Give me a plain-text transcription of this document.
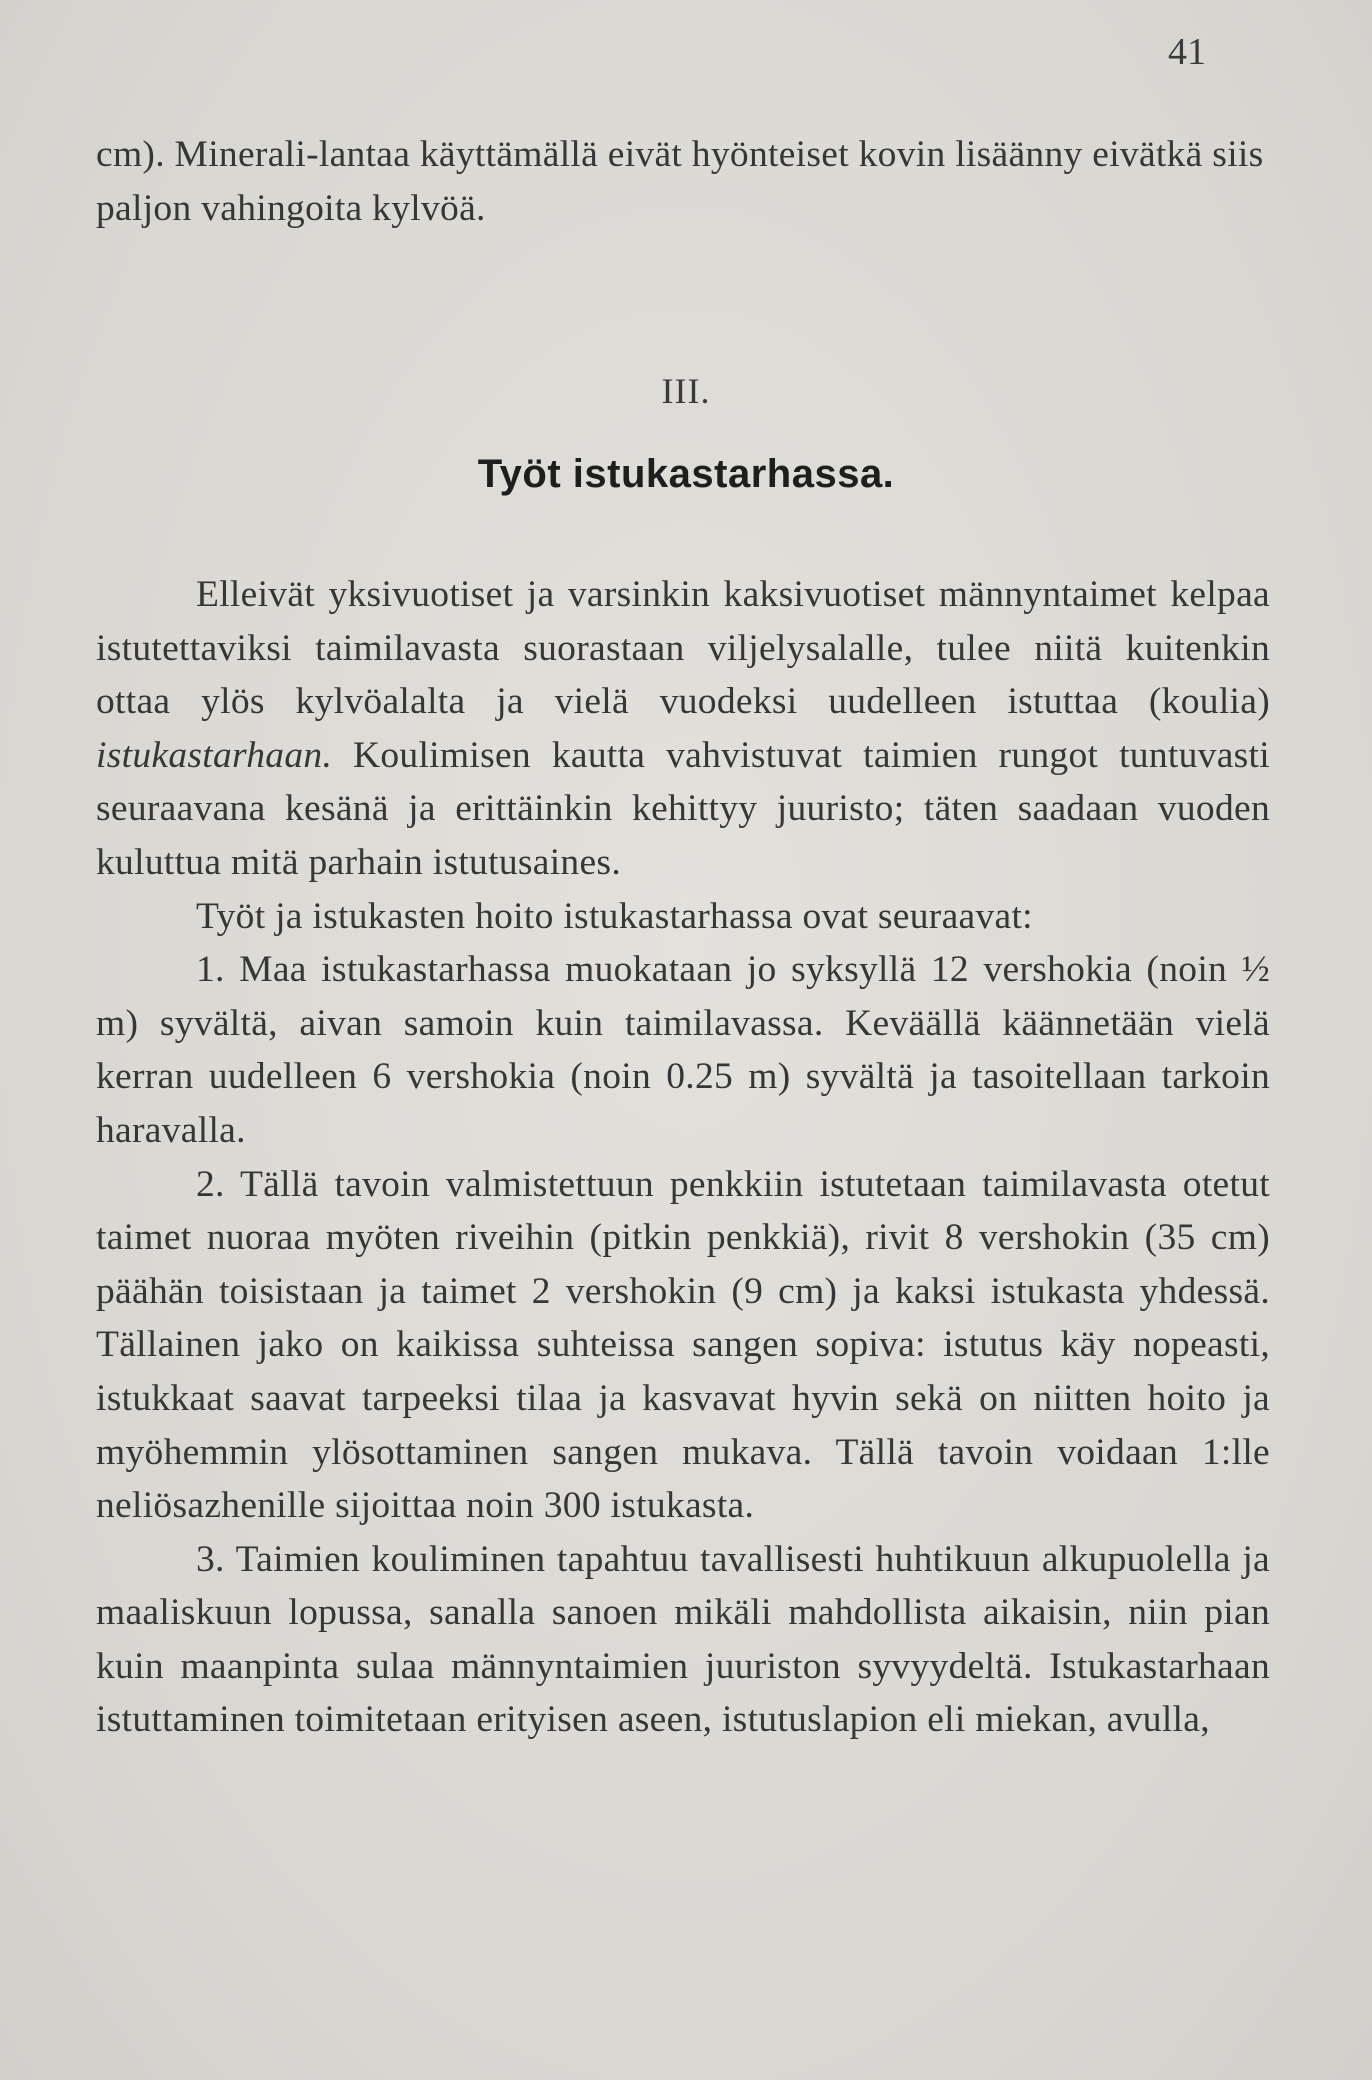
41

cm). Minerali-lantaa käyttämällä eivät hyönteiset kovin lisäänny eivätkä siis paljon vahingoita kylvöä.

III.
Työt istukastarhassa.

Elleivät yksivuotiset ja varsinkin kaksivuotiset männyntaimet kelpaa istutettaviksi taimilavasta suorastaan viljelysalalle, tulee niitä kuitenkin ottaa ylös kylvöalalta ja vielä vuodeksi uudelleen istuttaa (koulia) istukastarhaan. Koulimisen kautta vahvistuvat taimien rungot tuntuvasti seuraavana kesänä ja erittäinkin kehittyy juuristo; täten saadaan vuoden kuluttua mitä parhain istutusaines.

Työt ja istukasten hoito istukastarhassa ovat seuraavat:

1. Maa istukastarhassa muokataan jo syksyllä 12 vershokia (noin ½ m) syvältä, aivan samoin kuin taimilavassa. Keväällä käännetään vielä kerran uudelleen 6 vershokia (noin 0.25 m) syvältä ja tasoitellaan tarkoin haravalla.

2. Tällä tavoin valmistettuun penkkiin istutetaan taimilavasta otetut taimet nuoraa myöten riveihin (pitkin penkkiä), rivit 8 vershokin (35 cm) päähän toisistaan ja taimet 2 vershokin (9 cm) ja kaksi istukasta yhdessä. Tällainen jako on kaikissa suhteissa sangen sopiva: istutus käy nopeasti, istukkaat saavat tarpeeksi tilaa ja kasvavat hyvin sekä on niitten hoito ja myöhemmin ylösottaminen sangen mukava. Tällä tavoin voidaan 1:lle neliösazhenille sijoittaa noin 300 istukasta.

3. Taimien kouliminen tapahtuu tavallisesti huhtikuun alkupuolella ja maaliskuun lopussa, sanalla sanoen mikäli mahdollista aikaisin, niin pian kuin maanpinta sulaa männyntaimien juuriston syvyydeltä. Istukastarhaan istuttaminen toimitetaan erityisen aseen, istutuslapion eli miekan, avulla,
